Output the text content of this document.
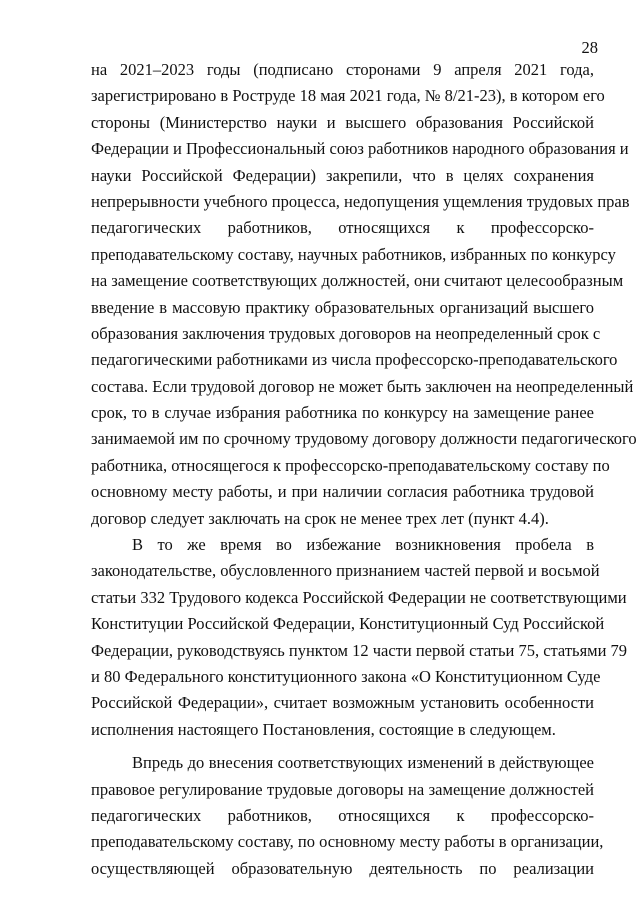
28
на 2021–2023 годы (подписано сторонами 9 апреля 2021 года,
зарегистрировано в Роструде 18 мая 2021 года, № 8/21-23), в котором его
стороны (Министерство науки и высшего образования Российской
Федерации и Профессиональный союз работников народного образования и
науки Российской Федерации) закрепили, что в целях сохранения
непрерывности учебного процесса, недопущения ущемления трудовых прав
педагогических работников, относящихся к профессорско-
преподавательскому составу, научных работников, избранных по конкурсу
на замещение соответствующих должностей, они считают целесообразным
введение в массовую практику образовательных организаций высшего
образования заключения трудовых договоров на неопределенный срок с
педагогическими работниками из числа профессорско-преподавательского
состава. Если трудовой договор не может быть заключен на неопределенный
срок, то в случае избрания работника по конкурсу на замещение ранее
занимаемой им по срочному трудовому договору должности педагогического
работника, относящегося к профессорско-преподавательскому составу по
основному месту работы, и при наличии согласия работника трудовой
договор следует заключать на срок не менее трех лет (пункт 4.4).
В то же время во избежание возникновения пробела в
законодательстве, обусловленного признанием частей первой и восьмой
статьи 332 Трудового кодекса Российской Федерации не соответствующими
Конституции Российской Федерации, Конституционный Суд Российской
Федерации, руководствуясь пунктом 12 части первой статьи 75, статьями 79
и 80 Федерального конституционного закона «О Конституционном Суде
Российской Федерации», считает возможным установить особенности
исполнения настоящего Постановления, состоящие в следующем.
Впредь до внесения соответствующих изменений в действующее
правовое регулирование трудовые договоры на замещение должностей
педагогических работников, относящихся к профессорско-
преподавательскому составу, по основному месту работы в организации,
осуществляющей образовательную деятельность по реализации
